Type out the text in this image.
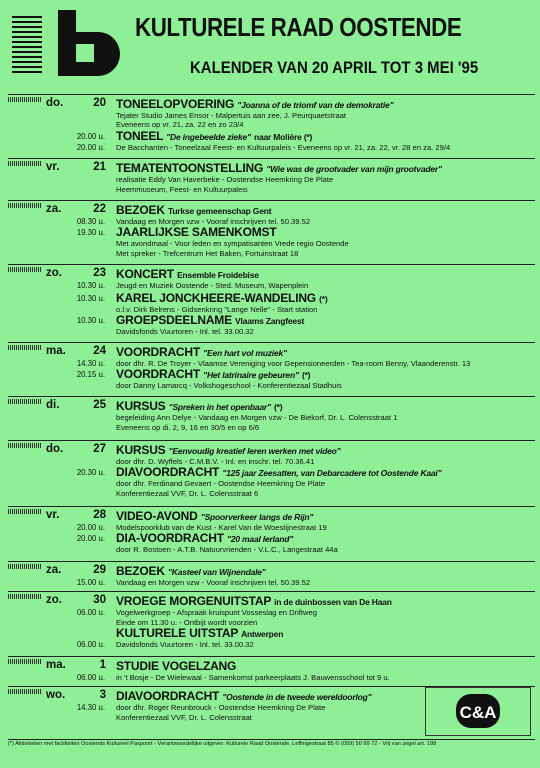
KULTURELE RAAD OOSTENDE
KALENDER VAN 20 APRIL TOT 3 MEI '95
do.	20 TONEELOPVOERING "Joanna of de triomf van de demokratie"
Tejater Studio James Ensor - Malpertuis aan zee, J. Peurquaetstraat
Eveneens op vr. 21, za. 22 en zo 23/4
20.00 u. TONEEL "De ingebeelde zieke" naar Molière (*)
20.00 u. De Bacchanten - Toneelzaal Feest- en Kultuurpaleis - Eveneens op vr. 21, za. 22, vr. 28 en za. 29/4
vr.	21 TEMATENTOONSTELLING "Wie was de grootvader van mijn grootvader"
realisatie Eddy Van Haverbeke - Oostendse Heemkring De Plate
Heemmuseum, Feest- en Kultuurpaleis
za.	22 BEZOEK Turkse gemeenschap Gent
08.30 u. Vandaag en Morgen vzw - Vooraf inschrijven tel. 50.39.52
19.30 u. JAARLIJKSE SAMENKOMST
Met avondmaal - Voor leden en sympatisanten Vrede regio Oostende
Met spreker - Trefcentrum Het Baken, Fortuinstraat 18
zo.	23 KONCERT Ensemble Froidebise
10.30 u. Jeugd en Muziek Oostende - Sted. Museum, Wapenplein
10.30 u. KAREL JONCKHEERE-WANDELING (*)
o.l.v. Dirk Belrens - Gidsenkring "Lange Nelle" - Start station
10.30 u. GROEPSDEELNAME Vlaams Zangfeest
Davidsfonds Vuurtoren - Inl. tel. 33.00.32
ma.	24 VOORDRACHT "Een hart vol muziek"
14.30 u. door dhr. R. De Troyer - Vlaamse Vereniging voor Gepensioneerden - Tea-room Benny, Vlaanderenstr. 13
20.15 u. VOORDRACHT "Het latrinaire gebeuren" (*)
door Danny Lamarcq - Volkshogeschool - Konferentiezaal Stadhuis
di.	25 KURSUS "Spreken in het openbaar" (*)
begeleiding Ann Delye - Vandaag en Morgen vzw - De Biekorf, Dr. L. Colensstraat 1
Eveneens op di. 2, 9, 16 en 30/5 en op 6/6
do.	27 KURSUS "Eenvoudig kreatief leren werken met video"
door dhr. D. Wyffels - C.M.B.V. - Inl. en inschr. tel. 70.36.41
20.30 u. DIAVOORDRACHT "125 jaar Zeesatten, van Debarcadere tot Oostende Kaai"
door dhr. Ferdinand Gevaert - Oostendse Heemkring De Plate
Konferentiezaal VVF, Dr. L. Colensstraat 6
vr.	28 VIDEO-AVOND "Spoorverkeer langs de Rijn"
20.00 u. Modelspoorklub van de Kust - Karel Van de Woestijnestraat 19
20.00 u. DIA-VOORDRACHT "20 maal Ierland"
door R. Bostoen - A.T.B. Natuurvrienden - V.L.C., Langestraat 44a
za.	29 BEZOEK "Kasteel van Wijnendale"
15.00 u. Vandaag en Morgen vzw - Vooraf inschrijven tel. 50.39.52
zo.	30 VROEGE MORGENUITSTAP in de duinbossen van De Haan
06.00 u. Vogelwerkgroep - Afspraak kruispunt Vosseslag en Driftweg
Einde om 11.30 u. - Ontbijt wordt voorzien
KULTURELE UITSTAP Antwerpen
06.00 u. Davidsfonds Vuurtoren - Inl. tel. 33.00.32
ma.	1 STUDIE VOGELZANG
06.00 u. in 't Bosje - De Wielewaal - Samenkomst parkeerplaats J. Bauwensschool tot 9 u.
wo.	3 DIAVOORDRACHT "Oostende in de tweede wereldoorlog"
14.30 u. door dhr. Roger Reunbrouck - Oostendse Heemkring De Plate
Konferentiezaal VVF, Dr. L. Colensstraat	C&A
(*) Aktiviteiten met faciliteiten Oostends Kultureel Paspoort - Verantwoordelijke uitgever: Kulturele Raad Oostende, Leffingestraat 85 © (059) 50 99 72 - Vrij van zegel art. 198
